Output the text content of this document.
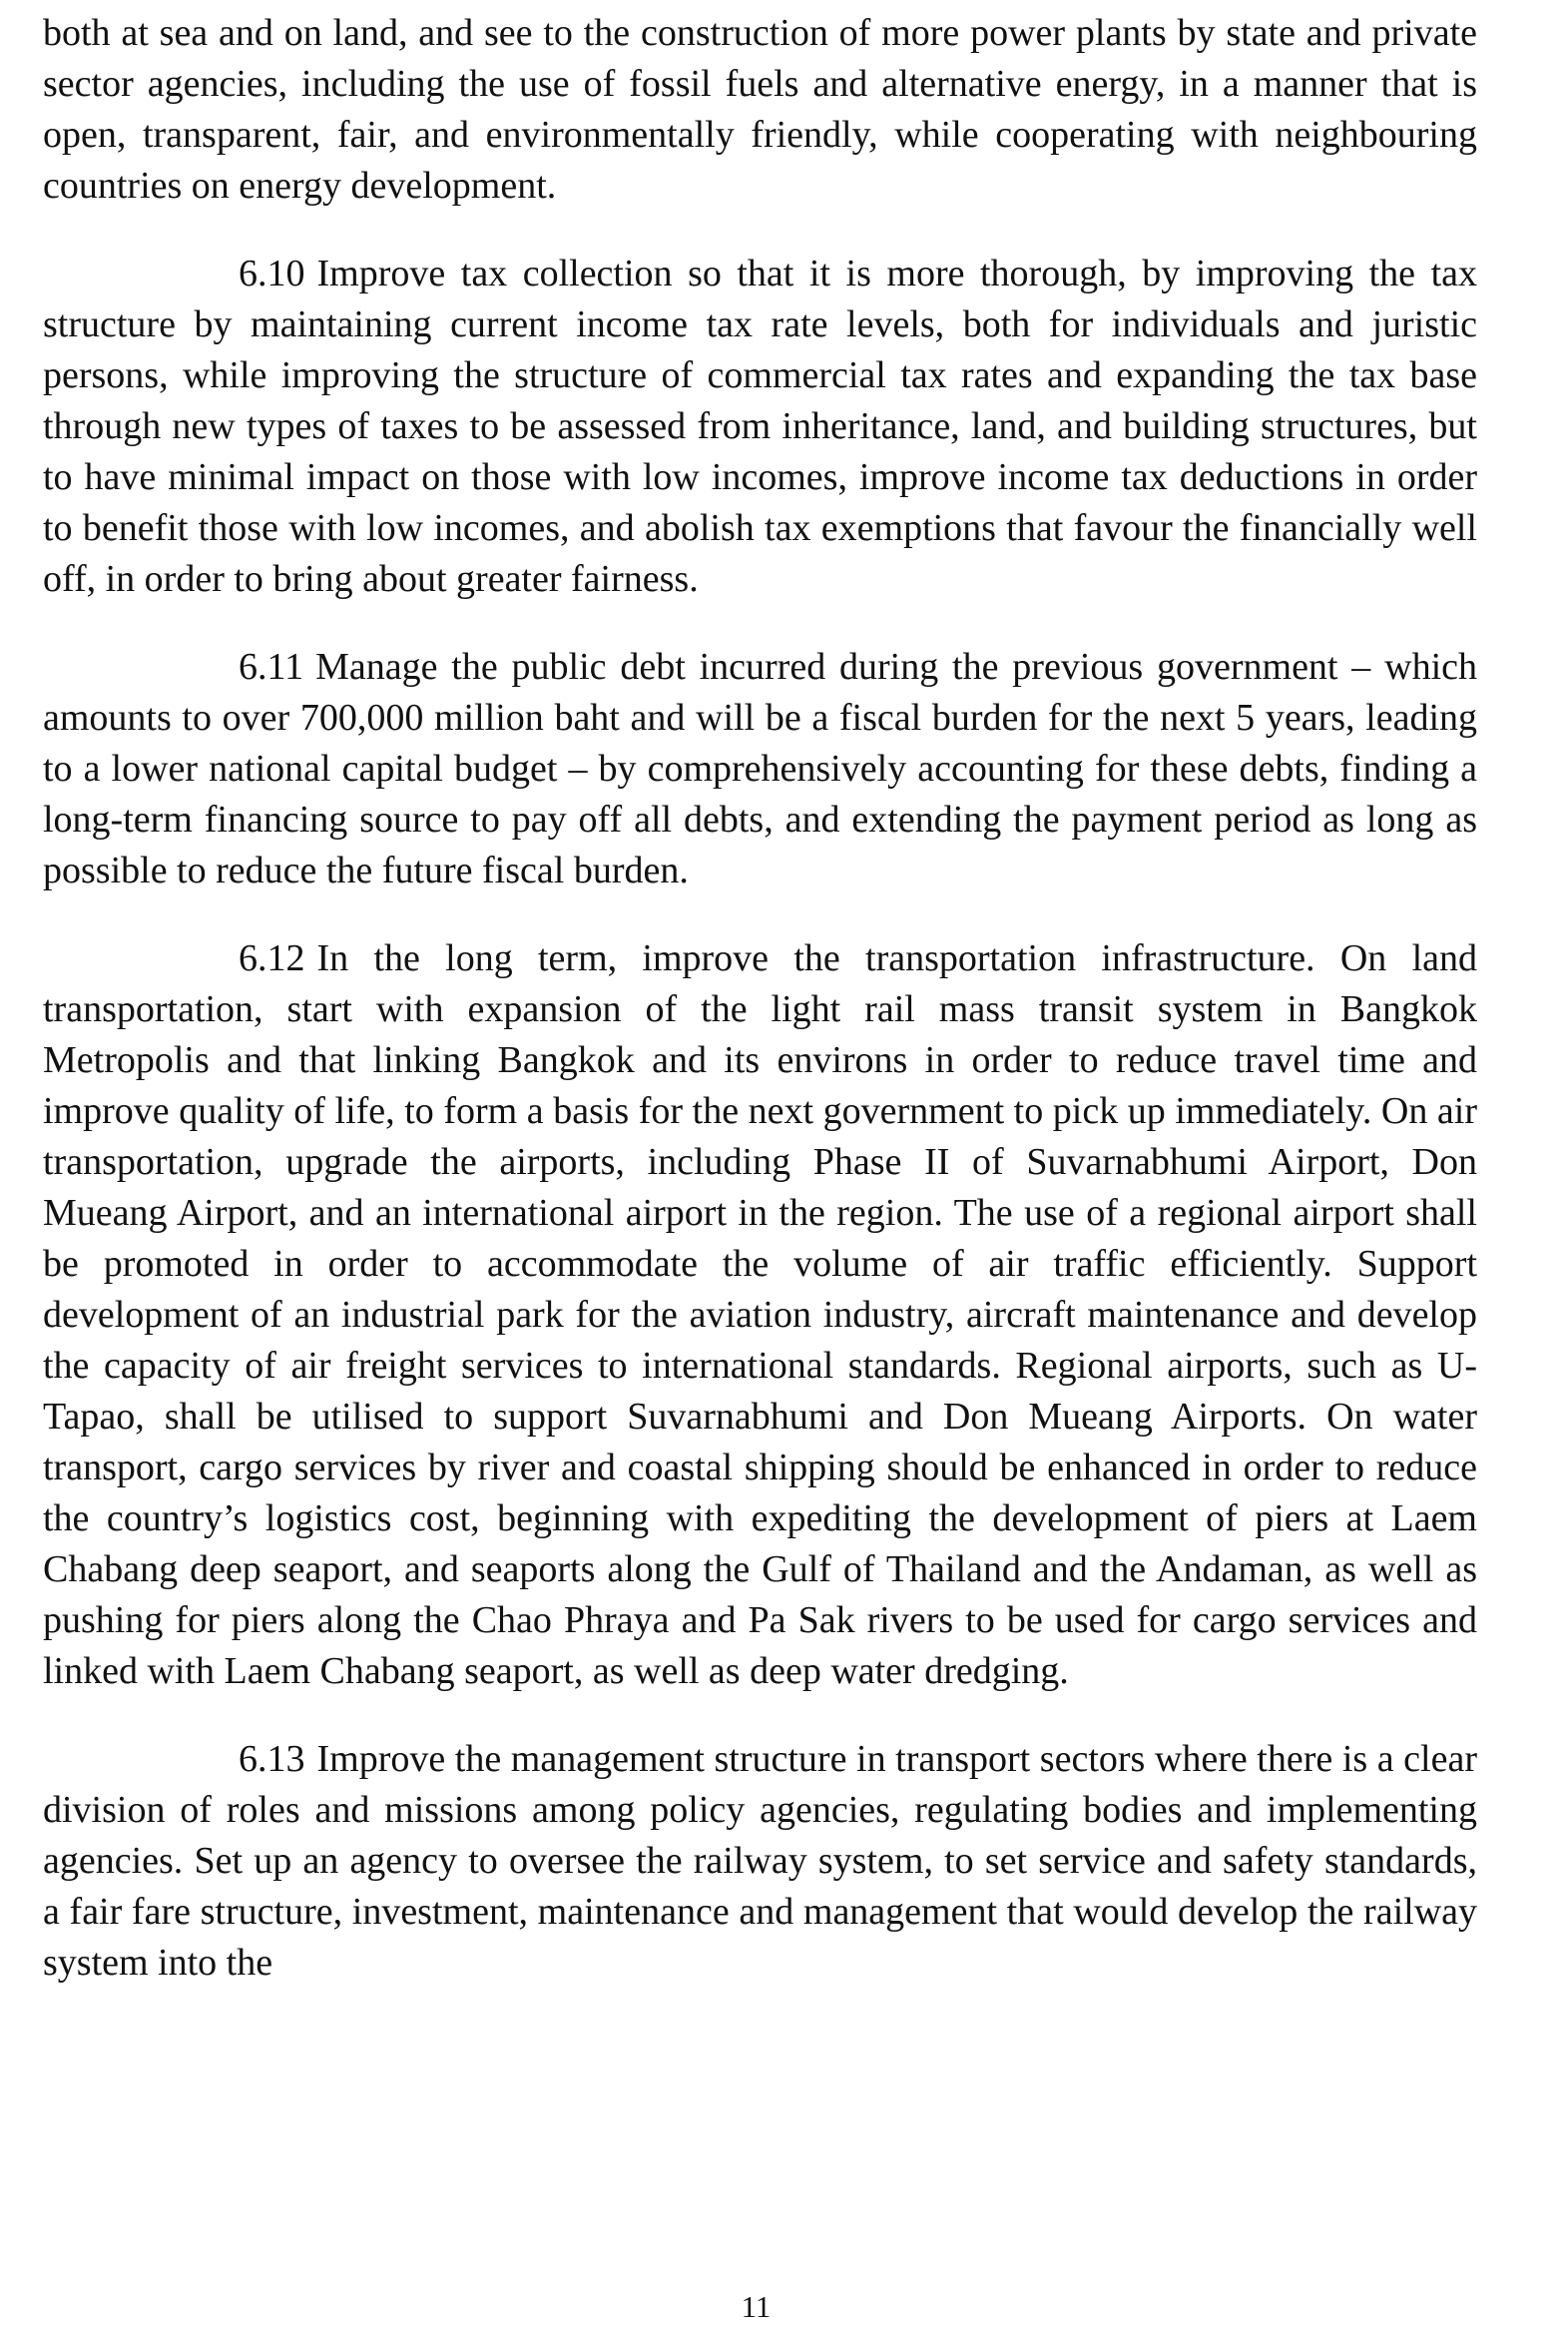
both at sea and on land, and see to the construction of more power plants by state and private sector agencies, including the use of fossil fuels and alternative energy, in a manner that is open, transparent, fair, and environmentally friendly, while cooperating with neighbouring countries on energy development.

6.10 Improve tax collection so that it is more thorough, by improving the tax structure by maintaining current income tax rate levels, both for individuals and juristic persons, while improving the structure of commercial tax rates and expanding the tax base through new types of taxes to be assessed from inheritance, land, and building structures, but to have minimal impact on those with low incomes, improve income tax deductions in order to benefit those with low incomes, and abolish tax exemptions that favour the financially well off, in order to bring about greater fairness.

6.11 Manage the public debt incurred during the previous government – which amounts to over 700,000 million baht and will be a fiscal burden for the next 5 years, leading to a lower national capital budget – by comprehensively accounting for these debts, finding a long-term financing source to pay off all debts, and extending the payment period as long as possible to reduce the future fiscal burden.

6.12 In the long term, improve the transportation infrastructure. On land transportation, start with expansion of the light rail mass transit system in Bangkok Metropolis and that linking Bangkok and its environs in order to reduce travel time and improve quality of life, to form a basis for the next government to pick up immediately. On air transportation, upgrade the airports, including Phase II of Suvarnabhumi Airport, Don Mueang Airport, and an international airport in the region. The use of a regional airport shall be promoted in order to accommodate the volume of air traffic efficiently. Support development of an industrial park for the aviation industry, aircraft maintenance and develop the capacity of air freight services to international standards. Regional airports, such as U-Tapao, shall be utilised to support Suvarnabhumi and Don Mueang Airports. On water transport, cargo services by river and coastal shipping should be enhanced in order to reduce the country’s logistics cost, beginning with expediting the development of piers at Laem Chabang deep seaport, and seaports along the Gulf of Thailand and the Andaman, as well as pushing for piers along the Chao Phraya and Pa Sak rivers to be used for cargo services and linked with Laem Chabang seaport, as well as deep water dredging.

6.13 Improve the management structure in transport sectors where there is a clear division of roles and missions among policy agencies, regulating bodies and implementing agencies. Set up an agency to oversee the railway system, to set service and safety standards, a fair fare structure, investment, maintenance and management that would develop the railway system into the

11
